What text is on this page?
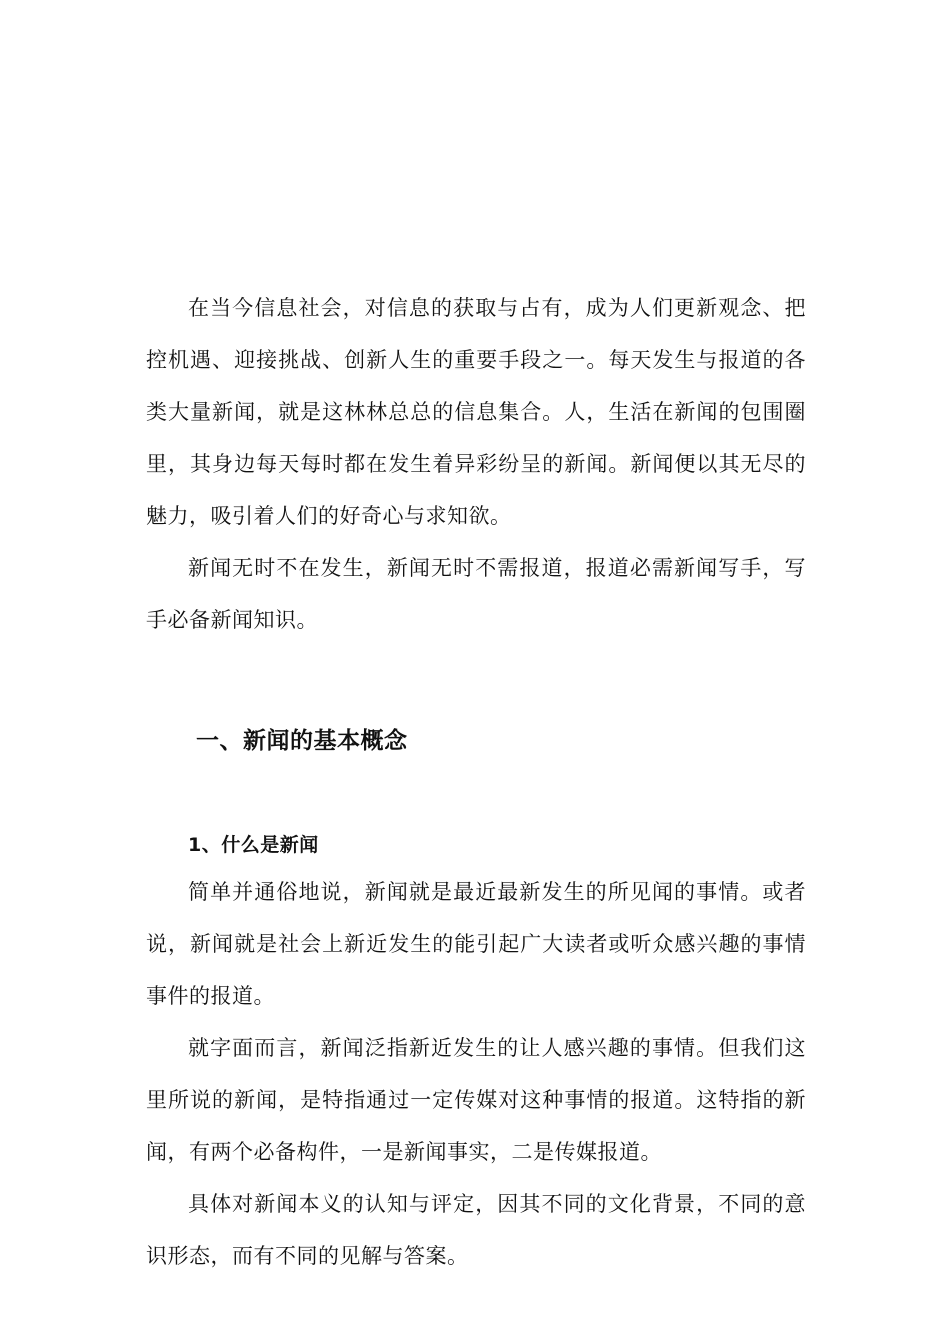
在当今信息社会，对信息的获取与占有，成为人们更新观念、把控机遇、迎接挑战、创新人生的重要手段之一。每天发生与报道的各类大量新闻，就是这林林总总的信息集合。人，生活在新闻的包围圈里，其身边每天每时都在发生着异彩纷呈的新闻。新闻便以其无尽的魅力，吸引着人们的好奇心与求知欲。

新闻无时不在发生，新闻无时不需报道，报道必需新闻写手，写手必备新闻知识。

一、新闻的基本概念
1、什么是新闻

简单并通俗地说，新闻就是最近最新发生的所见闻的事情。或者说，新闻就是社会上新近发生的能引起广大读者或听众感兴趣的事情事件的报道。

就字面而言，新闻泛指新近发生的让人感兴趣的事情。但我们这里所说的新闻，是特指通过一定传媒对这种事情的报道。这特指的新闻，有两个必备构件，一是新闻事实，二是传媒报道。

具体对新闻本义的认知与评定，因其不同的文化背景，不同的意识形态，而有不同的见解与答案。
